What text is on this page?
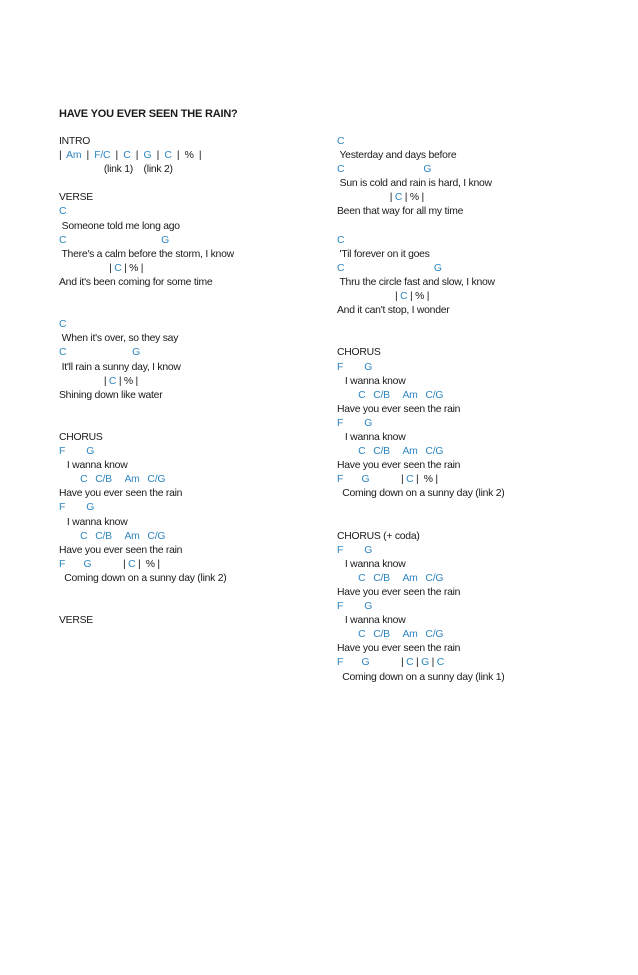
HAVE YOU EVER SEEN THE RAIN?
INTRO
|  Am  |  F/C  |  C  |  G  |  C  |  %  |
(link 1)    (link 2)
VERSE
C
Someone told me long ago
C                                    G
There's a calm before the storm, I know
| C | % |
And it's been coming for some time
C
When it's over, so they say
C                         G
It'll rain a sunny day, I know
| C | % |
Shining down like water
CHORUS
F        G
I wanna know
C   C/B     Am   C/G
Have you ever seen the rain
F        G
I wanna know
C   C/B     Am   C/G
Have you ever seen the rain
F       G            | C |  % |
Coming down on a sunny day (link 2)
VERSE
C
Yesterday and days before
C                              G
Sun is cold and rain is hard, I know
| C | % |
Been that way for all my time
C
'Til forever on it goes
C                                  G
Thru the circle fast and slow, I know
| C | % |
And it can't stop, I wonder
CHORUS
F        G
I wanna know
C   C/B     Am   C/G
Have you ever seen the rain
F        G
I wanna know
C   C/B     Am   C/G
Have you ever seen the rain
F       G            | C |  % |
Coming down on a sunny day (link 2)
CHORUS (+ coda)
F        G
I wanna know
C   C/B     Am   C/G
Have you ever seen the rain
F        G
I wanna know
C   C/B     Am   C/G
Have you ever seen the rain
F       G            | C | G | C
Coming down on a sunny day (link 1)
